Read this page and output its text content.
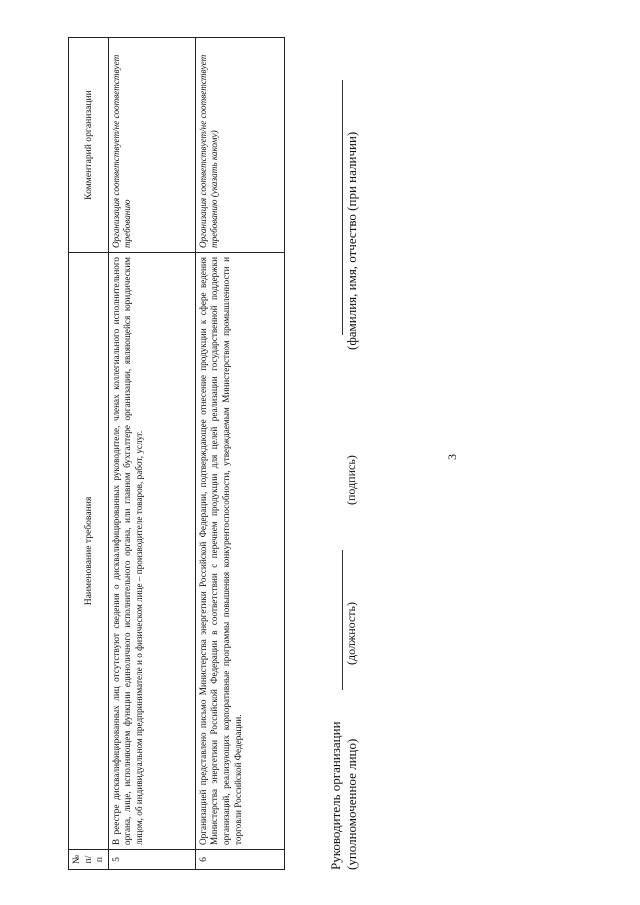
3
№ п/п	Наименование требования	Комментарий организации
5	В реестре дисквалифицированных лиц отсутствуют сведения о дисквалифицированных руководителе, членах коллегиального исполнительного органа, лице, исполняющем функции единоличного исполнительного органа, или главном бухгалтере организации, являющейся юридическим лицом, об индивидуальном предпринимателе и о физическом лице – производителе товаров, работ, услуг.	Организация соответствует/не соответствует требованию
6	Организацией представлено письмо Министерства энергетики Российской Федерации, подтверждающее отнесение продукции к сфере ведения Министерства энергетики Российской Федерации в соответствии с перечнем продукции для целей реализации государственной поддержки организаций, реализующих корпоративные программы повышения конкурентоспособности, утверждаемым Министерством промышленности и торговли Российской Федерации.	Организация соответствует/не соответствует требованию (указать какому)
Руководитель организации (уполномоченное лицо)
(должность)
(подпись)
(фамилия, имя, отчество (при наличии)
